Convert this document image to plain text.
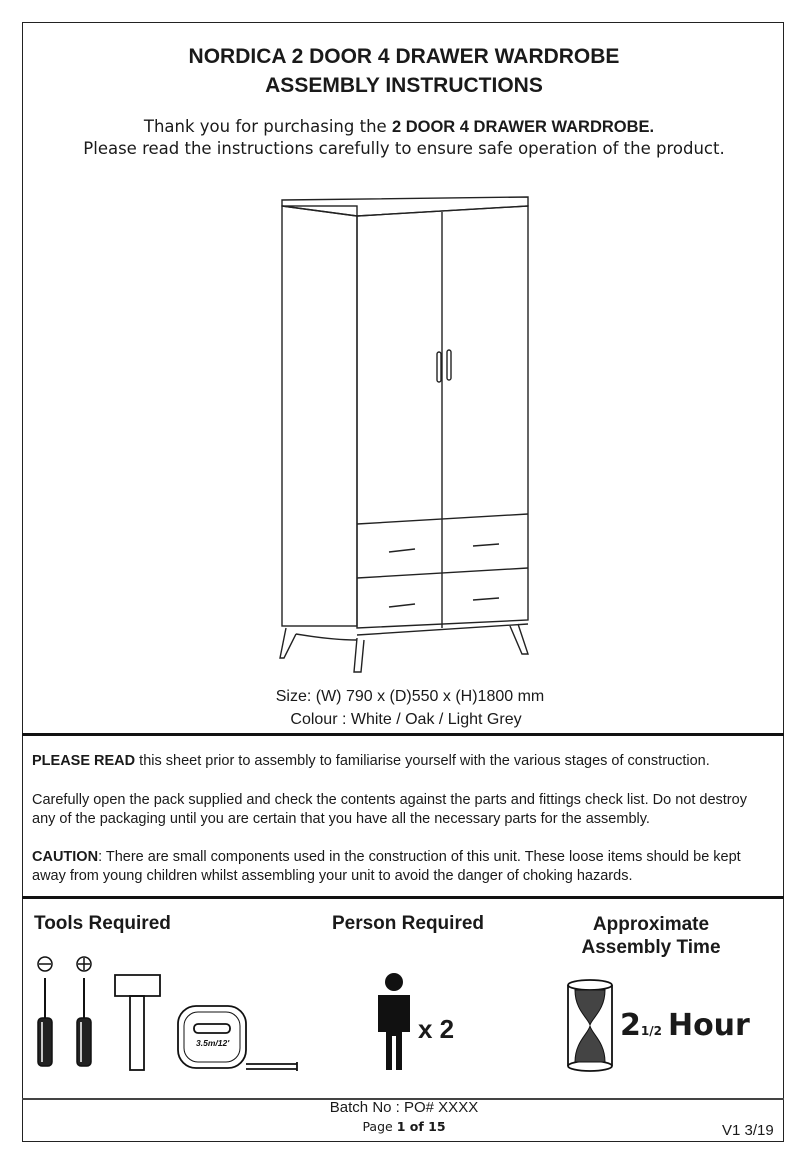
NORDICA 2 DOOR 4 DRAWER WARDROBE
ASSEMBLY INSTRUCTIONS
Thank you for purchasing the 2 DOOR 4 DRAWER WARDROBE.
Please read the instructions carefully to ensure safe operation of the product.
3.5m/12'
Size: (W) 790 x (D)550 x (H)1800 mm
Colour : White / Oak / Light Grey
PLEASE READ this sheet prior to assembly to familiarise yourself with the various stages of construction.
Carefully open the pack supplied and check the contents against the parts and fittings check list. Do not destroy any of the packaging until you are certain that you have all the necessary parts for the assembly.
CAUTION: There are small components used in the construction of this unit. These loose items should be kept away from young children whilst assembling your unit to avoid the danger of choking hazards.
Tools Required	Person Required	Approximate
Assembly Time
x 2	21/2 Hour
Batch No : PO# XXXX
Page 1 of 15	V1 3/19
